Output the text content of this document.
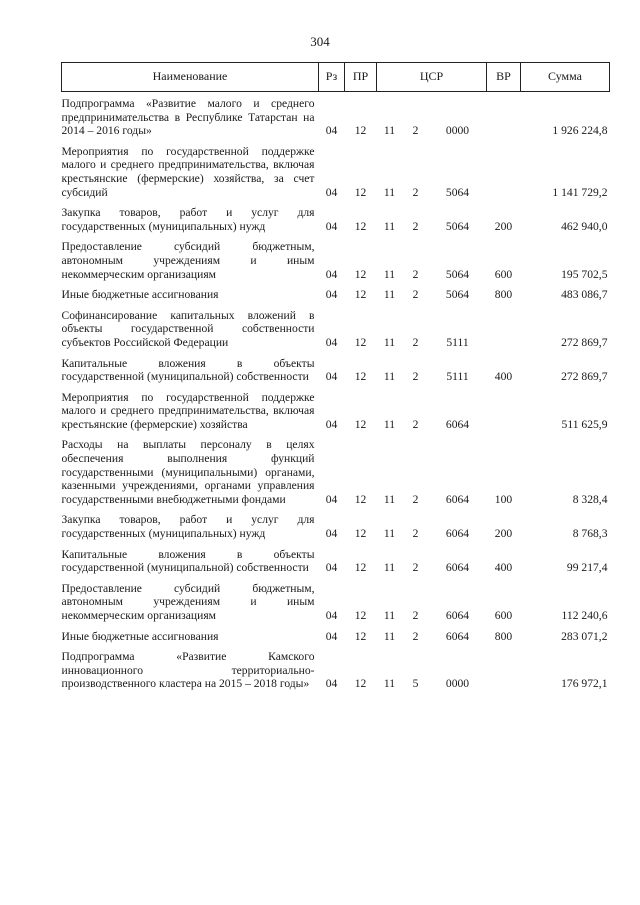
304
Наименование	Рз	ПР	ЦСР			ВР	Сумма
Подпрограмма «Развитие малого и среднего предпринимательства в Республике Татарстан на 2014 – 2016 годы»	04	12	11	2	0000		1 926 224,8
Мероприятия по государственной поддержке малого и среднего предпринимательства, включая крестьянские (фермерские) хозяйства, за счет субсидий	04	12	11	2	5064		1 141 729,2
Закупка товаров, работ и услуг для государственных (муниципальных) нужд	04	12	11	2	5064	200	462 940,0
Предоставление субсидий бюджетным, автономным учреждениям и иным некоммерческим организациям	04	12	11	2	5064	600	195 702,5
Иные бюджетные ассигнования	04	12	11	2	5064	800	483 086,7
Софинансирование капитальных вложений в объекты государственной собственности субъектов Российской Федерации	04	12	11	2	5111		272 869,7
Капитальные вложения в объекты государственной (муниципальной) собственности	04	12	11	2	5111	400	272 869,7
Мероприятия по государственной поддержке малого и среднего предпринимательства, включая крестьянские (фермерские) хозяйства	04	12	11	2	6064		511 625,9
Расходы на выплаты персоналу в целях обеспечения выполнения функций государственными (муниципальными) органами, казенными учреждениями, органами управления государственными внебюджетными фондами	04	12	11	2	6064	100	8 328,4
Закупка товаров, работ и услуг для государственных (муниципальных) нужд	04	12	11	2	6064	200	8 768,3
Капитальные вложения в объекты государственной (муниципальной) собственности	04	12	11	2	6064	400	99 217,4
Предоставление субсидий бюджетным, автономным учреждениям и иным некоммерческим организациям	04	12	11	2	6064	600	112 240,6
Иные бюджетные ассигнования	04	12	11	2	6064	800	283 071,2
Подпрограмма «Развитие Камского инновационного территориально-производственного кластера на 2015 – 2018 годы»	04	12	11	5	0000		176 972,1
